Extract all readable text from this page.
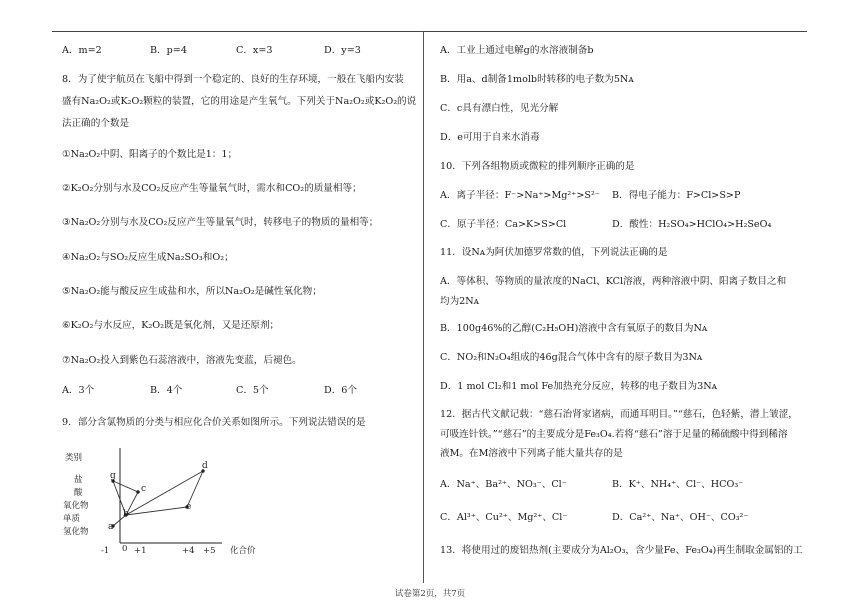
A．m=2	B．p=4	C．x=3	D．y=3
8．为了使宇航员在飞船中得到一个稳定的、良好的生存环境，一般在飞船内安装
盛有Na₂O₂或K₂O₂颗粒的装置，它的用途是产生氧气。下列关于Na₂O₂或K₂O₂的说
法正确的个数是
①Na₂O₂中阴、阳离子的个数比是1：1；
②K₂O₂分别与水及CO₂反应产生等量氧气时，需水和CO₂的质量相等；
③Na₂O₂分别与水及CO₂反应产生等量氧气时，转移电子的物质的量相等；
④Na₂O₂与SO₂反应生成Na₂SO₃和O₂；
⑤Na₂O₂能与酸反应生成盐和水，所以Na₂O₂是碱性氧化物；
⑥K₂O₂与水反应，K₂O₂既是氧化剂，又是还原剂；
⑦Na₂O₂投入到紫色石蕊溶液中，溶液先变蓝，后褪色。
A．3个	B．4个	C．5个	D．6个
9．部分含氯物质的分类与相应化合价关系如图所示。下列说法错误的是
类别
盐
酸
氧化物
单质
氢化物
-1 0 +1	+4 +5 化合价
a
b
c
d
e
g
A．工业上通过电解g的水溶液制备b
B．用a、d制备1molb时转移的电子数为5Nᴀ
C．c具有漂白性，见光分解
D．e可用于自来水消毒
10．下列各组物质或微粒的排列顺序正确的是
A．离子半径：F⁻>Na⁺>Mg²⁺>S²⁻	B．得电子能力：F>Cl>S>P
C．原子半径：Ca>K>S>Cl	D．酸性：H₂SO₄>HClO₄>H₂SeO₄
11．设Nᴀ为阿伏加德罗常数的值，下列说法正确的是
A．等体积、等物质的量浓度的NaCl、KCl溶液，两种溶液中阴、阳离子数目之和
均为2Nᴀ
B．100g46%的乙醇(C₂H₅OH)溶液中含有氧原子的数目为Nᴀ
C．NO₂和N₂O₄组成的46g混合气体中含有的原子数目为3Nᴀ
D．1 mol Cl₂和1 mol Fe加热充分反应，转移的电子数目为3Nᴀ
12．据古代文献记载：“慈石治肾家诸病，而通耳明目。”“慈石，色轻紫，潜上皱涩，
可吸连针铁。”“慈石”的主要成分是Fe₃O₄.若将“慈石”溶于足量的稀硫酸中得到稀溶
液M。在M溶液中下列离子能大量共存的是
A．Na⁺、Ba²⁺、NO₃⁻、Cl⁻	B．K⁺、NH₄⁺、Cl⁻、HCO₃⁻
C．Al³⁺、Cu²⁺、Mg²⁺、Cl⁻	D．Ca²⁺、Na⁺、OH⁻、CO₃²⁻
13．将使用过的废铝热剂(主要成分为Al₂O₃，含少量Fe、Fe₃O₄)再生制取金属铝的工
试卷第2页，共7页
